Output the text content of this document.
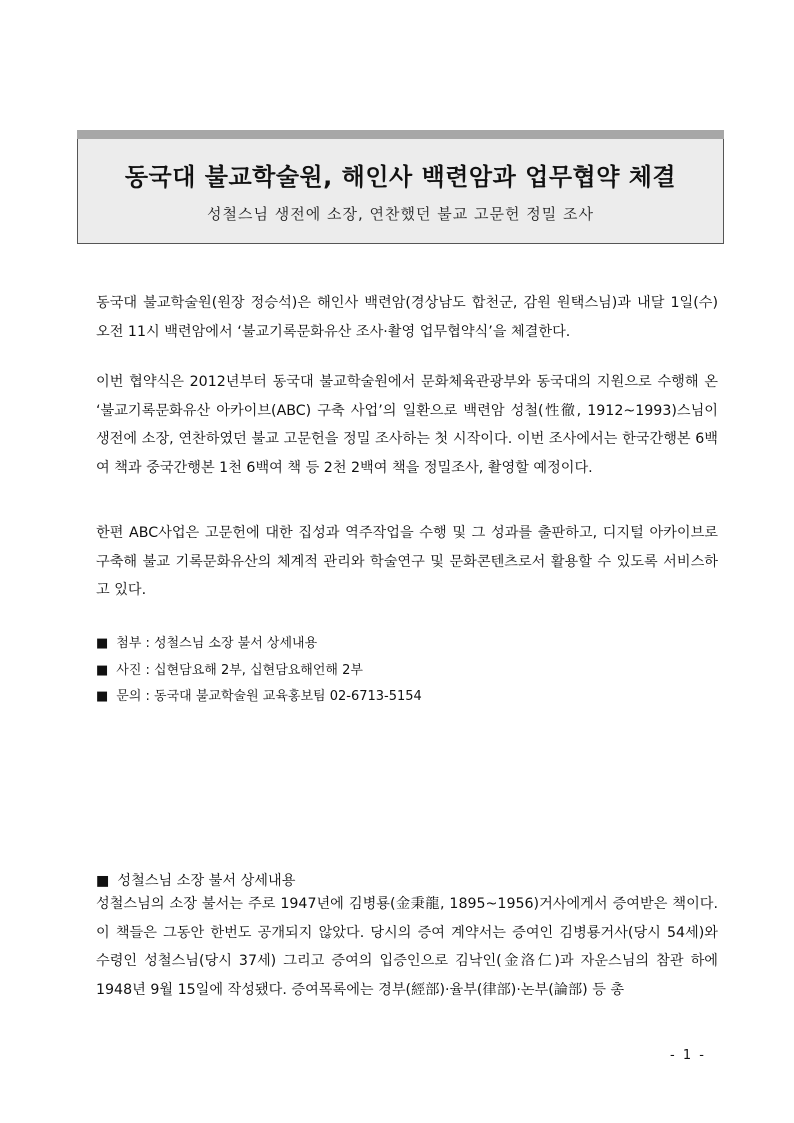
동국대 불교학술원, 해인사 백련암과 업무협약 체결
성철스님 생전에 소장, 연찬했던 불교 고문헌 정밀 조사
동국대 불교학술원(원장 정승석)은 해인사 백련암(경상남도 합천군, 감원 원택스님)과 내달 1일(수) 오전 11시 백련암에서 ‘불교기록문화유산 조사·촬영 업무협약식’을 체결한다.
이번 협약식은 2012년부터 동국대 불교학술원에서 문화체육관광부와 동국대의 지원으로 수행해 온 ‘불교기록문화유산 아카이브(ABC) 구축 사업’의 일환으로 백련암 성철(性徹, 1912~1993)스님이 생전에 소장, 연찬하였던 불교 고문헌을 정밀 조사하는 첫 시작이다. 이번 조사에서는 한국간행본 6백여 책과 중국간행본 1천 6백여 책 등 2천 2백여 책을 정밀조사, 촬영할 예정이다.
한편 ABC사업은 고문헌에 대한 집성과 역주작업을 수행 및 그 성과를 출판하고, 디지털 아카이브로 구축해 불교 기록문화유산의 체계적 관리와 학술연구 및 문화콘텐츠로서 활용할 수 있도록 서비스하고 있다.
■ 첨부 : 성철스님 소장 불서 상세내용
■ 사진 : 십현담요해 2부, 십현담요해언해 2부
■ 문의 : 동국대 불교학술원 교육홍보팀 02-6713-5154
■ 성철스님 소장 불서 상세내용
성철스님의 소장 불서는 주로 1947년에 김병룡(金秉龍, 1895~1956)거사에게서 증여받은 책이다. 이 책들은 그동안 한번도 공개되지 않았다. 당시의 증여 계약서는 증여인 김병룡거사(당시 54세)와 수령인 성철스님(당시 37세) 그리고 증여의 입증인으로 김낙인(金洛仁)과 자운스님의 참관 하에 1948년 9월 15일에 작성됐다. 증여목록에는 경부(經部)·율부(律部)·논부(論部) 등 총
- 1 -
